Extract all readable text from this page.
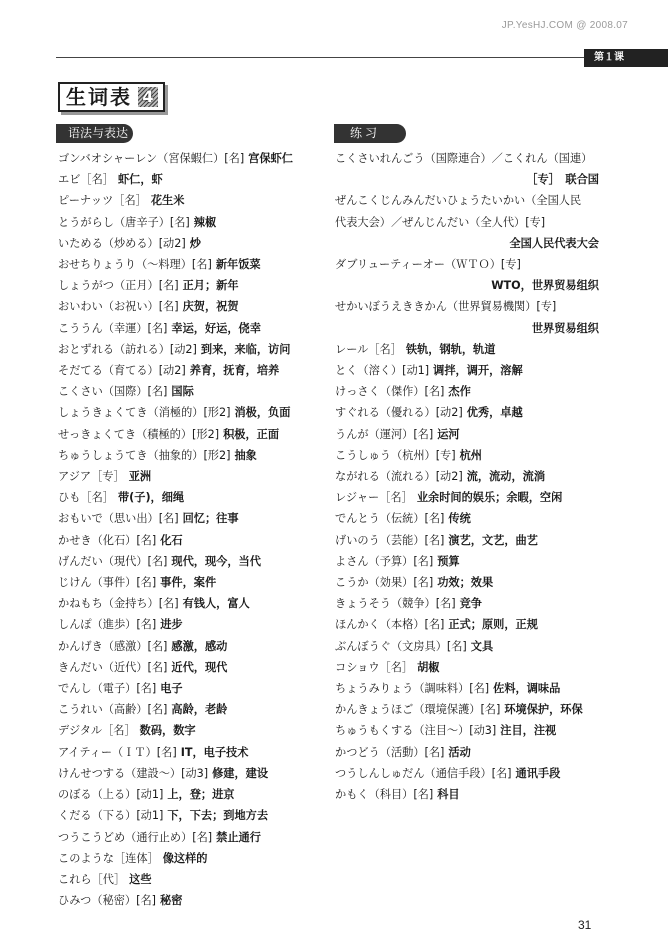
JP.YesHJ.COM @ 2008.07
第１课
生词表 4
语法与表达	练习
ゴンバオシャーレン（宮保蝦仁）[名] 宫保虾仁
エビ［名］ 虾仁，虾
ピーナッツ［名］ 花生米
とうがらし（唐辛子）[名] 辣椒
いためる（炒める）[动2] 炒
おせちりょうり（～料理）[名] 新年饭菜
しょうがつ（正月）[名] 正月；新年
おいわい（お祝い）[名] 庆贺，祝贺
こううん（幸運）[名] 幸运，好运，侥幸
おとずれる（訪れる）[动2] 到来，来临，访问
そだてる（育てる）[动2] 养育，抚育，培养
こくさい（国際）[名] 国际
しょうきょくてき（消極的）[形2] 消极，负面
せっきょくてき（積極的）[形2] 积极，正面
ちゅうしょうてき（抽象的）[形2] 抽象
アジア［专］ 亚洲
ひも［名］ 带(子)，细绳
おもいで（思い出）[名] 回忆；往事
かせき（化石）[名] 化石
げんだい（現代）[名] 现代，现今，当代
じけん（事件）[名] 事件，案件
かねもち（金持ち）[名] 有钱人，富人
しんぽ（進歩）[名] 进步
かんげき（感激）[名] 感激，感动
きんだい（近代）[名] 近代，现代
でんし（電子）[名] 电子
こうれい（高齢）[名] 高龄，老龄
デジタル［名］ 数码，数字
アイティー（ＩＴ）[名] IT，电子技术
けんせつする（建設～）[动3] 修建，建设
のぼる（上る）[动1] 上，登；进京
くだる（下る）[动1] 下，下去；到地方去
つうこうどめ（通行止め）[名] 禁止通行
このような［连体］ 像这样的
これら［代］ 这些
ひみつ（秘密）[名] 秘密
こくさいれんごう（国際連合）／こくれん（国連）
［专］　联合国
ぜんこくじんみんだいひょうたいかい（全国人民
代表大会）／ぜんじんだい（全人代）[专]
全国人民代表大会
ダブリューティーオー（ＷＴＯ）[专]
WTO，世界贸易组织
せかいぼうえききかん（世界貿易機関）[专]
世界贸易组织
レール［名］ 铁轨，钢轨，轨道
とく（溶く）[动1] 调拌，调开，溶解
けっさく（傑作）[名] 杰作
すぐれる（優れる）[动2] 优秀，卓越
うんが（運河）[名] 运河
こうしゅう（杭州）[专] 杭州
ながれる（流れる）[动2] 流，流动，流淌
レジャー［名］ 业余时间的娱乐；余暇，空闲
でんとう（伝統）[名] 传统
げいのう（芸能）[名] 演艺，文艺，曲艺
よさん（予算）[名] 预算
こうか（効果）[名] 功效；效果
きょうそう（競争）[名] 竞争
ほんかく（本格）[名] 正式；原则，正规
ぶんぼうぐ（文房具）[名] 文具
コショウ［名］ 胡椒
ちょうみりょう（調味料）[名] 佐料，调味品
かんきょうほご（環境保護）[名] 环境保护，环保
ちゅうもくする（注目～）[动3] 注目，注视
かつどう（活動）[名] 活动
つうしんしゅだん（通信手段）[名] 通讯手段
かもく（科目）[名] 科目
31
